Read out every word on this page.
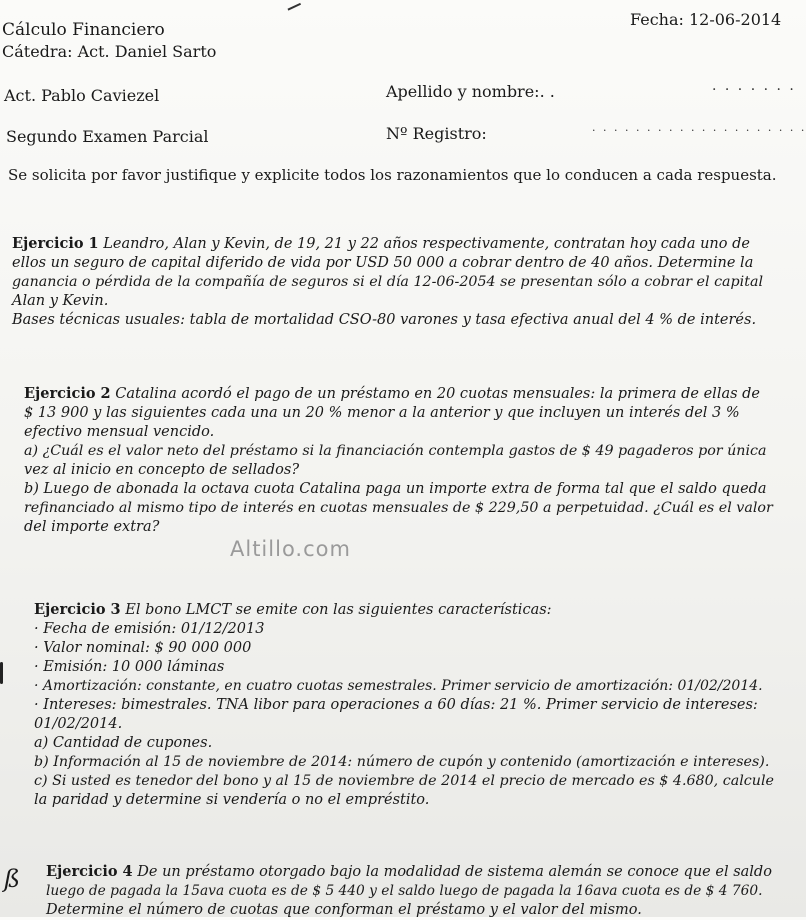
Cálculo Financiero
Cátedra: Act. Daniel Sarto
Fecha: 12-06-2014
Act. Pablo Caviezel	Apellido y nombre:. .	· · · · · · ·
Segundo Examen Parcial	Nº Registro:	· · · · · · · · · · · · · · · · · · · ·
Se solicita por favor justifique y explicite todos los razonamientos que lo conducen a cada respuesta.

Ejercicio 1 Leandro, Alan y Kevin, de 19, 21 y 22 años respectivamente, contratan hoy cada uno de

ellos un seguro de capital diferido de vida por USD 50 000 a cobrar dentro de 40 años. Determine la

ganancia o pérdida de la compañía de seguros si el día 12-06-2054 se presentan sólo a cobrar el capital

Alan y Kevin.

Bases técnicas usuales: tabla de mortalidad CSO-80 varones y tasa efectiva anual del 4 % de interés.

Ejercicio 2 Catalina acordó el pago de un préstamo en 20 cuotas mensuales: la primera de ellas de

$ 13 900 y las siguientes cada una un 20 % menor a la anterior y que incluyen un interés del 3 %

efectivo mensual vencido.

a) ¿Cuál es el valor neto del préstamo si la financiación contempla gastos de $ 49 pagaderos por única

vez al inicio en concepto de sellados?

b) Luego de abonada la octava cuota Catalina paga un importe extra de forma tal que el saldo queda

refinanciado al mismo tipo de interés en cuotas mensuales de $ 229,50 a perpetuidad. ¿Cuál es el valor

del importe extra?

Altillo.com

Ejercicio 3 El bono LMCT se emite con las siguientes características:

· Fecha de emisión: 01/12/2013

· Valor nominal: $ 90 000 000

· Emisión: 10 000 láminas

· Amortización: constante, en cuatro cuotas semestrales. Primer servicio de amortización: 01/02/2014.

· Intereses: bimestrales. TNA libor para operaciones a 60 días: 21 %. Primer servicio de intereses:

01/02/2014.

a) Cantidad de cupones.

b) Información al 15 de noviembre de 2014: número de cupón y contenido (amortización e intereses).

c) Si usted es tenedor del bono y al 15 de noviembre de 2014 el precio de mercado es $ 4.680, calcule

la paridad y determine si vendería o no el empréstito.

Ejercicio 4 De un préstamo otorgado bajo la modalidad de sistema alemán se conoce que el saldo

luego de pagada la 15ava cuota es de $ 5 440 y el saldo luego de pagada la 16ava cuota es de $ 4 760.

Determine el número de cuotas que conforman el préstamo y el valor del mismo.

ß
